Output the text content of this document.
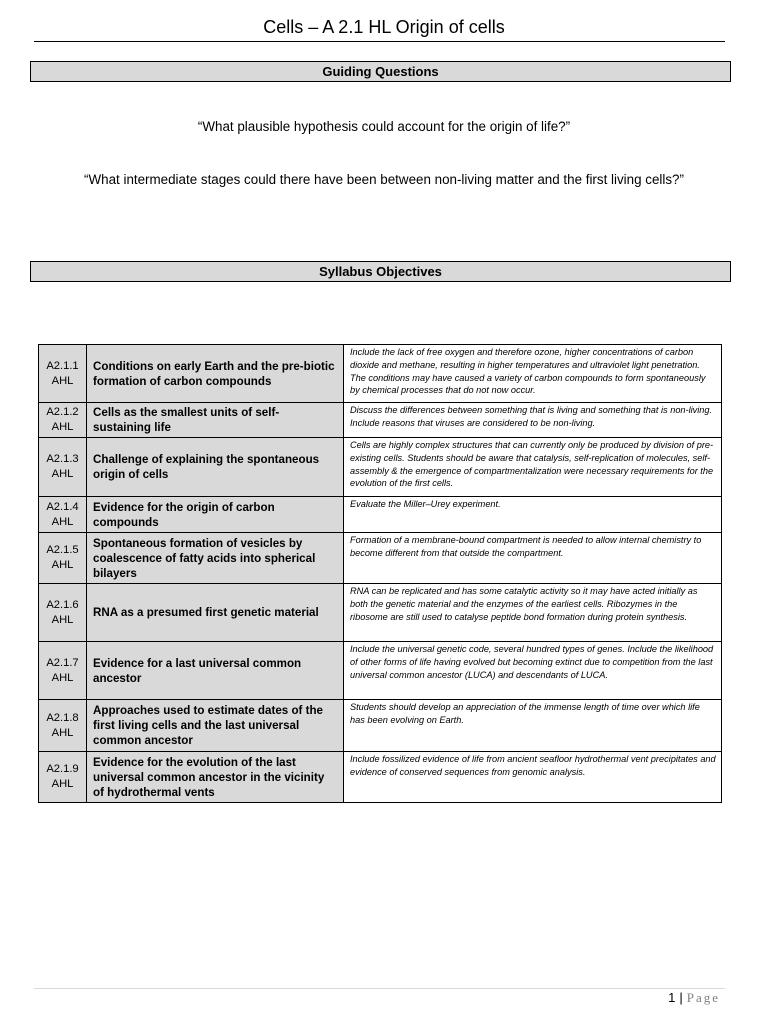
Cells – A 2.1 HL Origin of cells
Guiding Questions
“What plausible hypothesis could account for the origin of life?”
“What intermediate stages could there have been between non-living matter and the first living cells?”
Syllabus Objectives
A2.1.1
AHL	Conditions on early Earth and the pre-biotic formation of carbon compounds	Include the lack of free oxygen and therefore ozone, higher concentrations of carbon dioxide and methane, resulting in higher temperatures and ultraviolet light penetration. The conditions may have caused a variety of carbon compounds to form spontaneously by chemical processes that do not now occur.
A2.1.2
AHL	Cells as the smallest units of self-sustaining life	Discuss the differences between something that is living and something that is non-living. Include reasons that viruses are considered to be non-living.
A2.1.3
AHL	Challenge of explaining the spontaneous origin of cells	Cells are highly complex structures that can currently only be produced by division of pre-existing cells. Students should be aware that catalysis, self-replication of molecules, self-assembly & the emergence of compartmentalization were necessary requirements for the evolution of the first cells.
A2.1.4
AHL	Evidence for the origin of carbon compounds	Evaluate the Miller–Urey experiment.
A2.1.5
AHL	Spontaneous formation of vesicles by coalescence of fatty acids into spherical bilayers	Formation of a membrane-bound compartment is needed to allow internal chemistry to become different from that outside the compartment.
A2.1.6
AHL	RNA as a presumed first genetic material	RNA can be replicated and has some catalytic activity so it may have acted initially as both the genetic material and the enzymes of the earliest cells. Ribozymes in the ribosome are still used to catalyse peptide bond formation during protein synthesis.
A2.1.7
AHL	Evidence for a last universal common ancestor	Include the universal genetic code, several hundred types of genes. Include the likelihood of other forms of life having evolved but becoming extinct due to competition from the last universal common ancestor (LUCA) and descendants of LUCA.
A2.1.8
AHL	Approaches used to estimate dates of the first living cells and the last universal common ancestor	Students should develop an appreciation of the immense length of time over which life has been evolving on Earth.
A2.1.9
AHL	Evidence for the evolution of the last universal common ancestor in the vicinity of hydrothermal vents	Include fossilized evidence of life from ancient seafloor hydrothermal vent precipitates and evidence of conserved sequences from genomic analysis.
1 | Page
